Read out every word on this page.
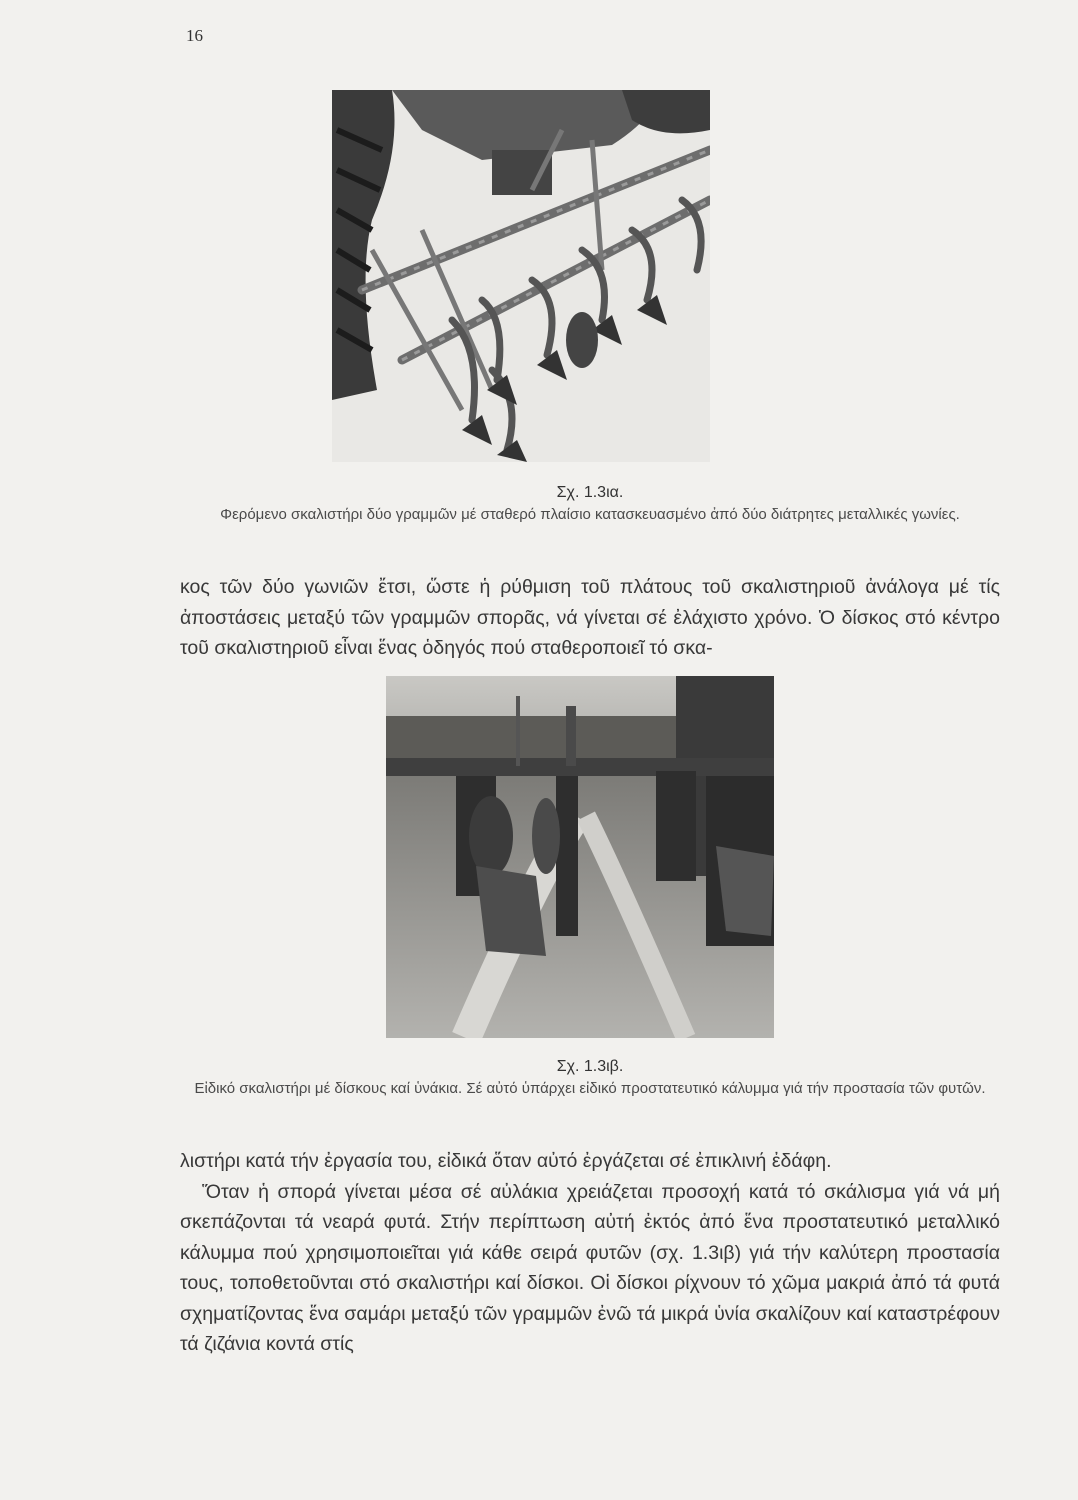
16
Σχ. 1.3ια.
Φερόμενο σκαλιστήρι δύο γραμμῶν μέ σταθερό πλαίσιο κατασκευασμένο ἀπό δύο διάτρητες μεταλλικές γωνίες.

κος τῶν δύο γωνιῶν ἔτσι, ὥστε ἡ ρύθμιση τοῦ πλάτους τοῦ σκαλιστηριοῦ ἀνάλογα μέ τίς ἀποστάσεις μεταξύ τῶν γραμμῶν σπορᾶς, νά γίνεται σέ ἐλάχιστο χρόνο. Ὁ δίσκος στό κέντρο τοῦ σκαλιστηριοῦ εἶναι ἕνας ὁδηγός πού σταθεροποιεῖ τό σκα-

Σχ. 1.3ιβ.
Εἰδικό σκαλιστήρι μέ δίσκους καί ὑνάκια. Σέ αὐτό ὑπάρχει εἰδικό προστατευτικό κάλυμμα γιά τήν προστασία τῶν φυτῶν.

λιστήρι κατά τήν ἐργασία του, εἰδικά ὅταν αὐτό ἐργάζεται σέ ἐπικλινή ἐδάφη.

Ὅταν ἡ σπορά γίνεται μέσα σέ αὐλάκια χρειάζεται προσοχή κατά τό σκάλισμα γιά νά μή σκεπάζονται τά νεαρά φυτά. Στήν περίπτωση αὐτή ἐκτός ἀπό ἕνα προστατευτικό μεταλλικό κάλυμμα πού χρησιμοποιεῖται γιά κάθε σειρά φυτῶν (σχ. 1.3ιβ) γιά τήν καλύτερη προστασία τους, τοποθετοῦνται στό σκαλιστήρι καί δίσκοι. Οἱ δίσκοι ρίχνουν τό χῶμα μακριά ἀπό τά φυτά σχηματίζοντας ἕνα σαμάρι μεταξύ τῶν γραμμῶν ἐνῶ τά μικρά ὑνία σκαλίζουν καί καταστρέφουν τά ζιζάνια κοντά στίς
